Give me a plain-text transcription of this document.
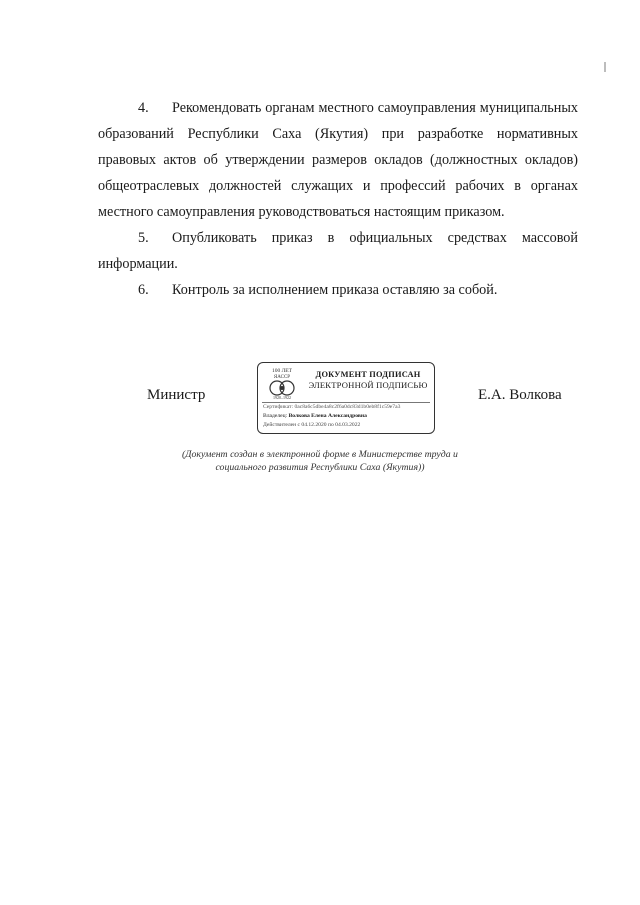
4. Рекомендовать органам местного самоуправления муниципальных образований Республики Саха (Якутия) при разработке нормативных правовых актов об утверждении размеров окладов (должностных окладов) общеотраслевых должностей служащих и профессий рабочих в органах местного самоуправления руководствоваться настоящим приказом.

5. Опубликовать приказ в официальных средствах массовой информации.

6. Контроль за исполнением приказа оставляю за собой.

Министр
100 ЛЕТ
ЯАССР
1920–1922
ДОКУМЕНТ ПОДПИСАН
ЭЛЕКТРОННОЙ ПОДПИСЬЮ
Сертификат: 0ac8a6c5dbe4a8c2f6a0dc83d1b0eb8f1c59e7a3
Владелец: Волкова Елена Александровна
Действителен с 04.12.2020 по 04.03.2022
Е.А. Волкова
(Документ создан в электронной форме в Министерстве труда и
социального развития Республики Саха (Якутия))
